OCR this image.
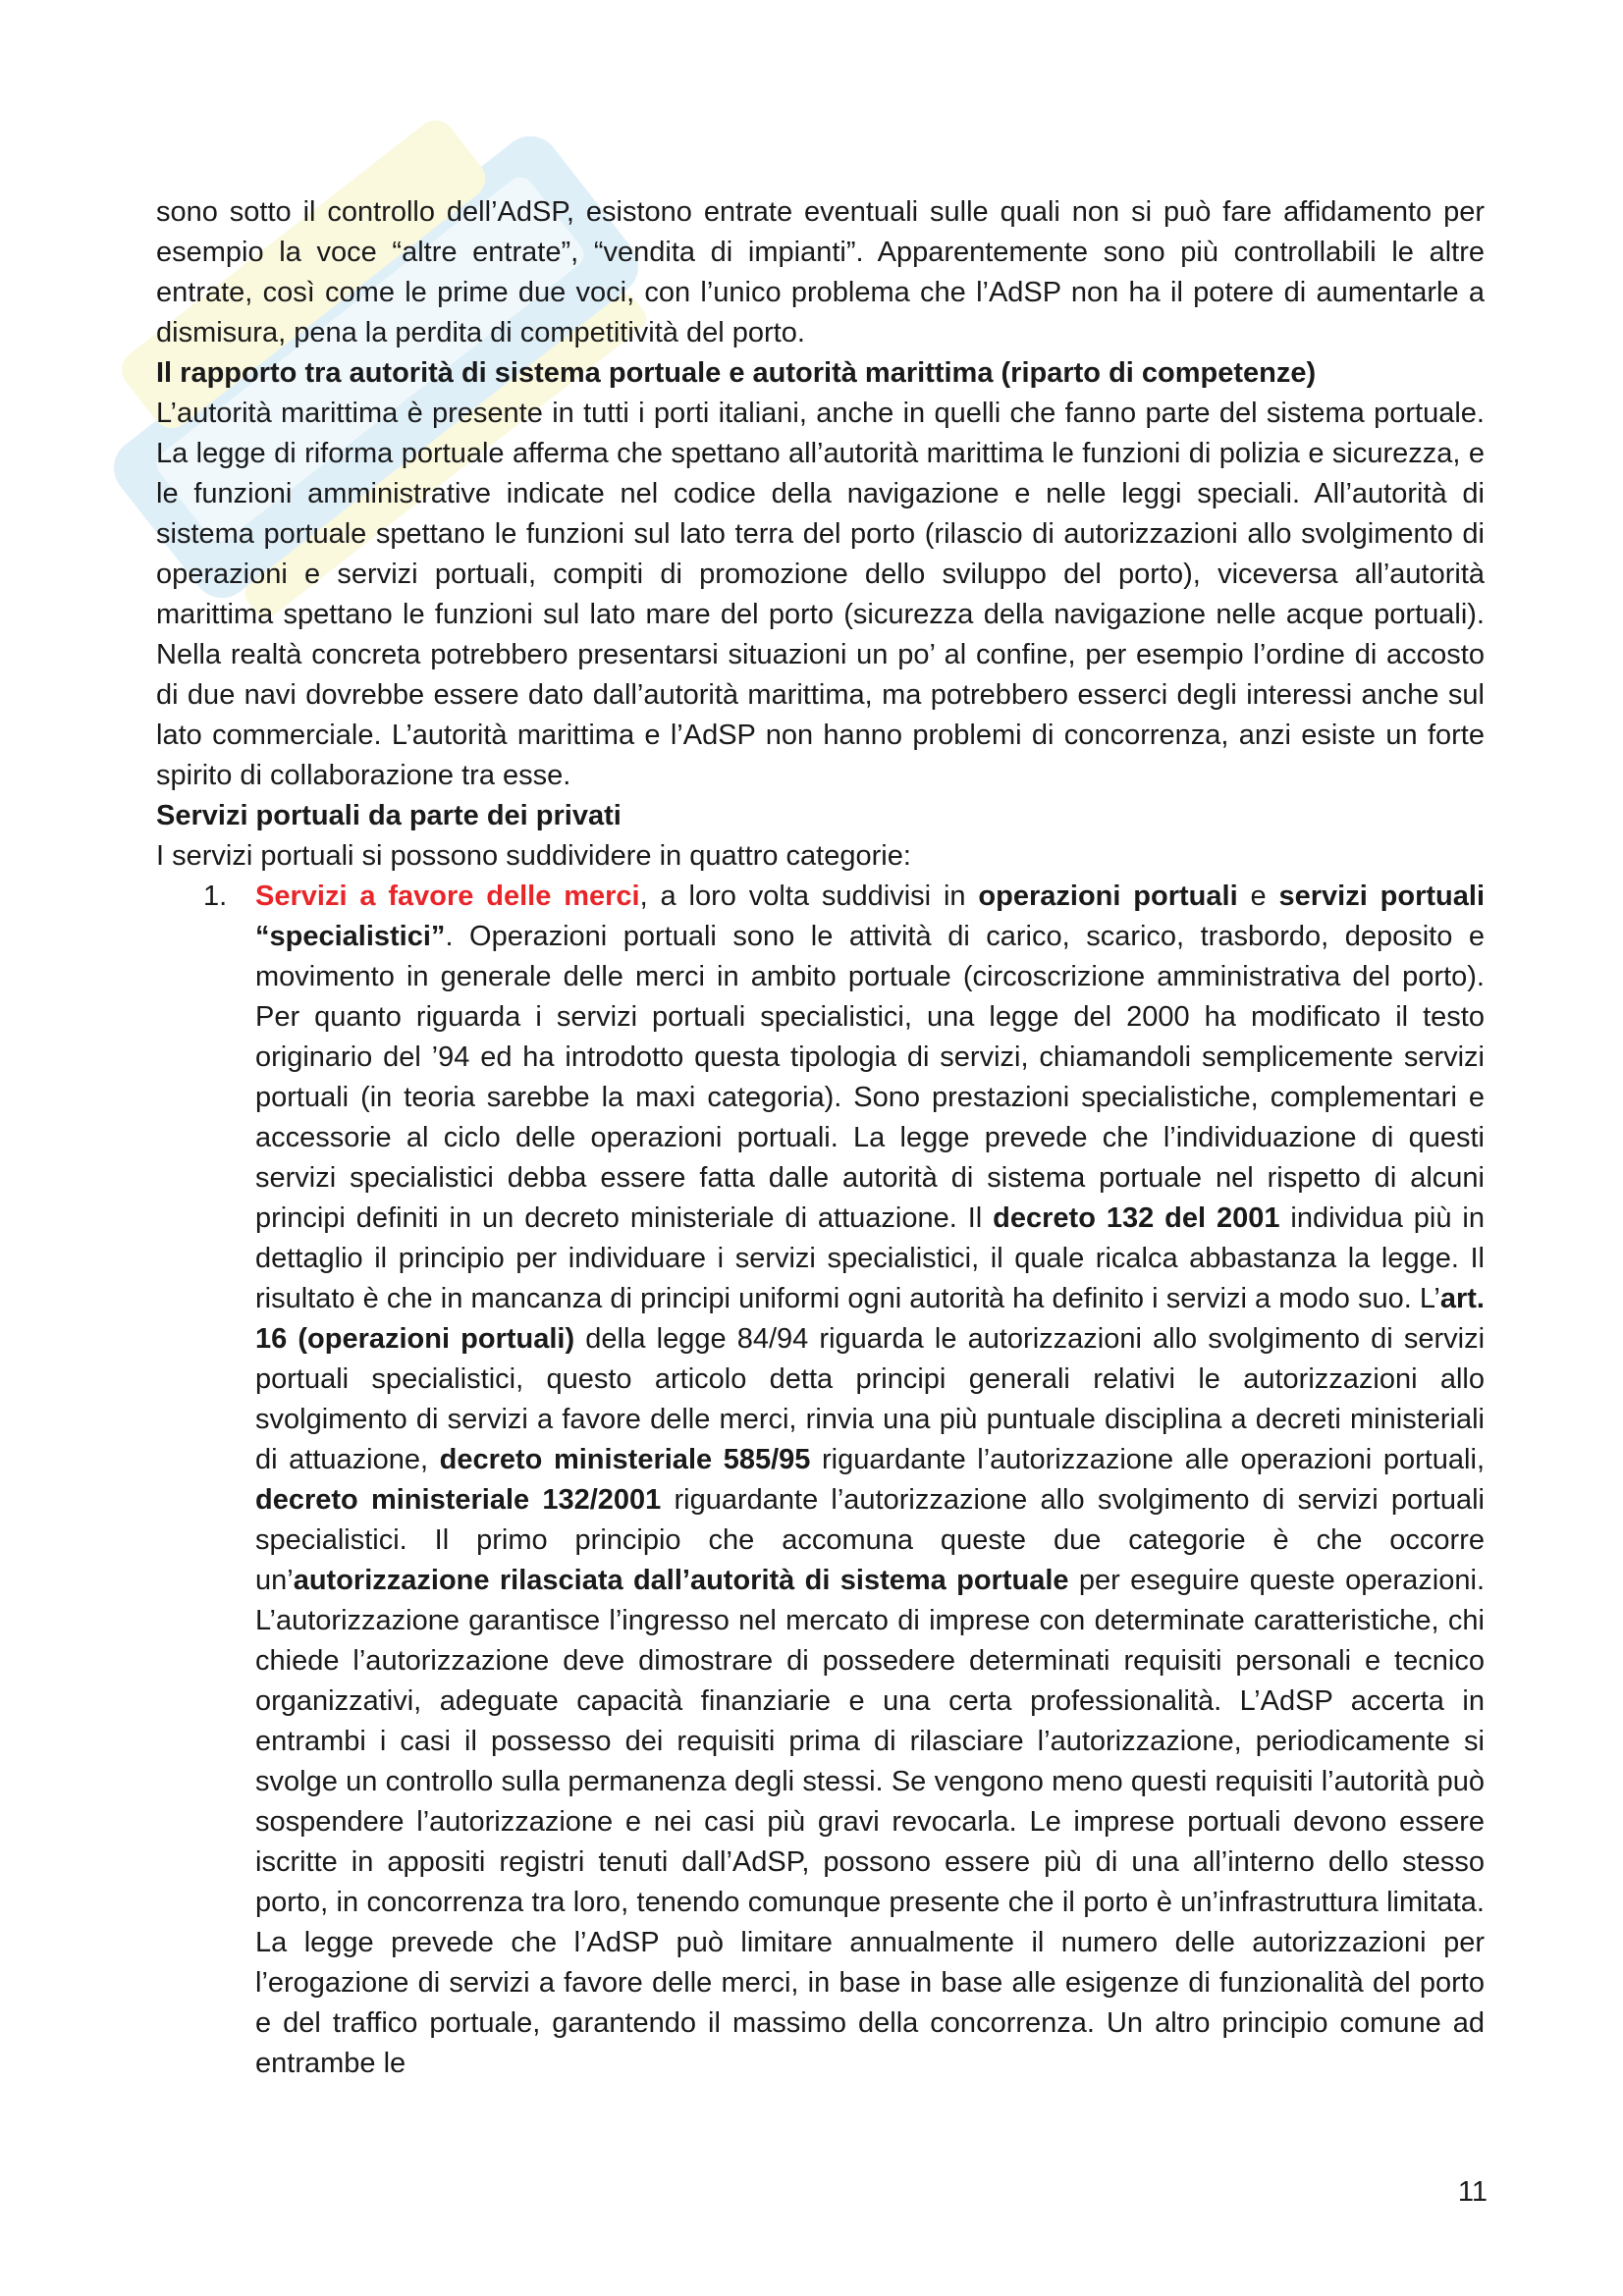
sono sotto il controllo dell’AdSP, esistono entrate eventuali sulle quali non si può fare affidamento per esempio la voce “altre entrate”, “vendita di impianti”. Apparentemente sono più controllabili le altre entrate, così come le prime due voci, con l’unico problema che l’AdSP non ha il potere di aumentarle a dismisura, pena la perdita di competitività del porto.

Il rapporto tra autorità di sistema portuale e autorità marittima (riparto di competenze)

L’autorità marittima è presente in tutti i porti italiani, anche in quelli che fanno parte del sistema portuale. La legge di riforma portuale afferma che spettano all’autorità marittima le funzioni di polizia e sicurezza, e le funzioni amministrative indicate nel codice della navigazione e nelle leggi speciali. All’autorità di sistema portuale spettano le funzioni sul lato terra del porto (rilascio di autorizzazioni allo svolgimento di operazioni e servizi portuali, compiti di promozione dello sviluppo del porto), viceversa all’autorità marittima spettano le funzioni sul lato mare del porto (sicurezza della navigazione nelle acque portuali). Nella realtà concreta potrebbero presentarsi situazioni un po’ al confine, per esempio l’ordine di accosto di due navi dovrebbe essere dato dall’autorità marittima, ma potrebbero esserci degli interessi anche sul lato commerciale. L’autorità marittima e l’AdSP non hanno problemi di concorrenza, anzi esiste un forte spirito di collaborazione tra esse.

Servizi portuali da parte dei privati

I servizi portuali si possono suddividere in quattro categorie:

1. Servizi a favore delle merci, a loro volta suddivisi in operazioni portuali e servizi portuali “specialistici”. Operazioni portuali sono le attività di carico, scarico, trasbordo, deposito e movimento in generale delle merci in ambito portuale (circoscrizione amministrativa del porto). Per quanto riguarda i servizi portuali specialistici, una legge del 2000 ha modificato il testo originario del ’94 ed ha introdotto questa tipologia di servizi, chiamandoli semplicemente servizi portuali (in teoria sarebbe la maxi categoria). Sono prestazioni specialistiche, complementari e accessorie al ciclo delle operazioni portuali. La legge prevede che l’individuazione di questi servizi specialistici debba essere fatta dalle autorità di sistema portuale nel rispetto di alcuni principi definiti in un decreto ministeriale di attuazione. Il decreto 132 del 2001 individua più in dettaglio il principio per individuare i servizi specialistici, il quale ricalca abbastanza la legge. Il risultato è che in mancanza di principi uniformi ogni autorità ha definito i servizi a modo suo. L’art. 16 (operazioni portuali) della legge 84/94 riguarda le autorizzazioni allo svolgimento di servizi portuali specialistici, questo articolo detta principi generali relativi le autorizzazioni allo svolgimento di servizi a favore delle merci, rinvia una più puntuale disciplina a decreti ministeriali di attuazione, decreto ministeriale 585/95 riguardante l’autorizzazione alle operazioni portuali, decreto ministeriale 132/2001 riguardante l’autorizzazione allo svolgimento di servizi portuali specialistici. Il primo principio che accomuna queste due categorie è che occorre un’autorizzazione rilasciata dall’autorità di sistema portuale per eseguire queste operazioni. L’autorizzazione garantisce l’ingresso nel mercato di imprese con determinate caratteristiche, chi chiede l’autorizzazione deve dimostrare di possedere determinati requisiti personali e tecnico organizzativi, adeguate capacità finanziarie e una certa professionalità. L’AdSP accerta in entrambi i casi il possesso dei requisiti prima di rilasciare l’autorizzazione, periodicamente si svolge un controllo sulla permanenza degli stessi. Se vengono meno questi requisiti l’autorità può sospendere l’autorizzazione e nei casi più gravi revocarla. Le imprese portuali devono essere iscritte in appositi registri tenuti dall’AdSP, possono essere più di una all’interno dello stesso porto, in concorrenza tra loro, tenendo comunque presente che il porto è un’infrastruttura limitata. La legge prevede che l’AdSP può limitare annualmente il numero delle autorizzazioni per l’erogazione di servizi a favore delle merci, in base in base alle esigenze di funzionalità del porto e del traffico portuale, garantendo il massimo della concorrenza. Un altro principio comune ad entrambe le

11
